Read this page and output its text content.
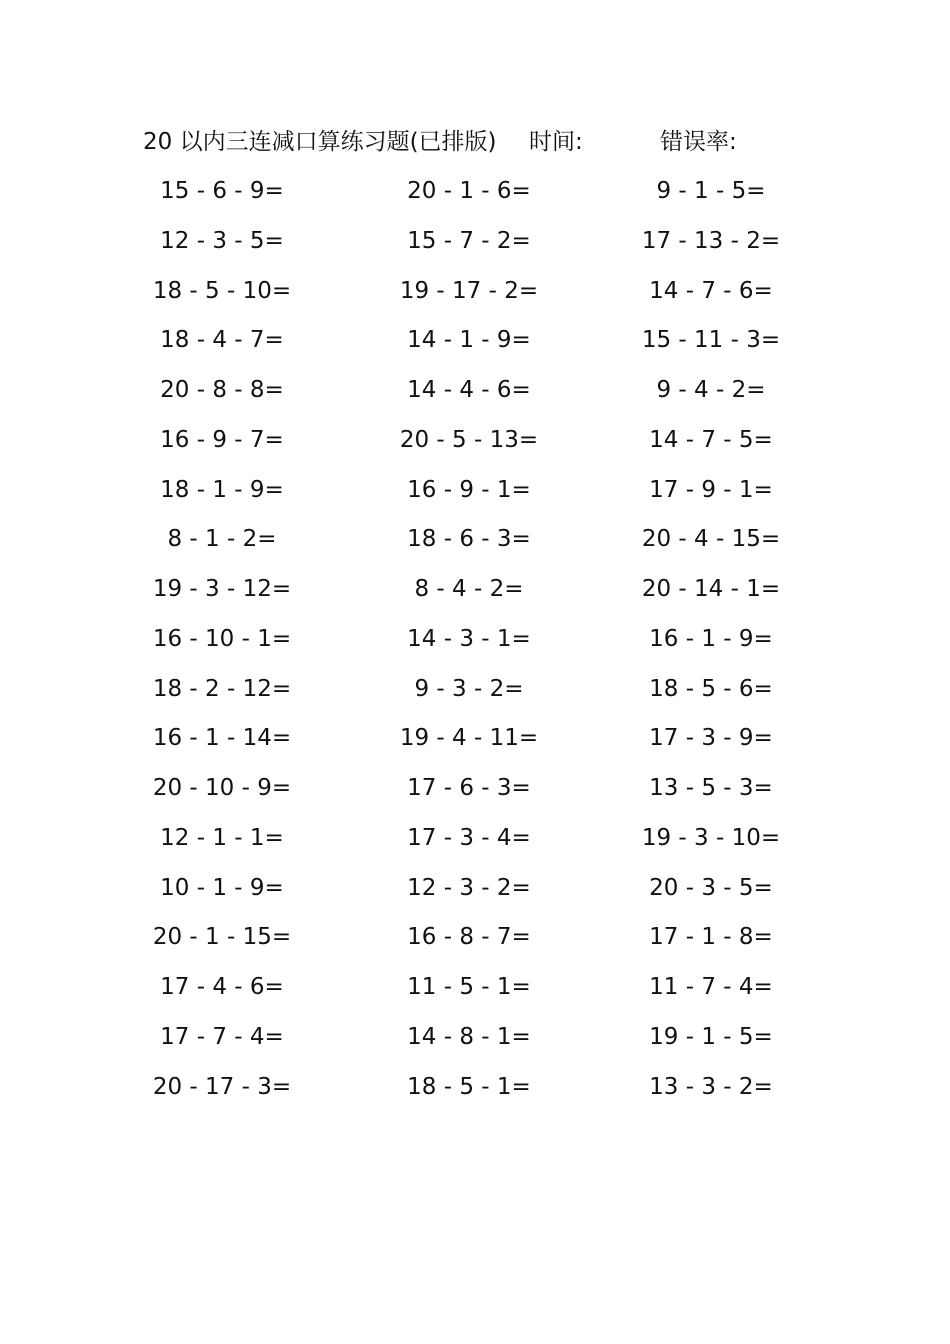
20 以内三连减口算练习题(已排版) 时间:	错误率:
15 - 6 - 9=
12 - 3 - 5=
18 - 5 - 10=
18 - 4 - 7=
20 - 8 - 8=
16 - 9 - 7=
18 - 1 - 9=
8 - 1 - 2=
19 - 3 - 12=
16 - 10 - 1=
18 - 2 - 12=
16 - 1 - 14=
20 - 10 - 9=
12 - 1 - 1=
10 - 1 - 9=
20 - 1 - 15=
17 - 4 - 6=
17 - 7 - 4=
20 - 17 - 3=
20 - 1 - 6=
15 - 7 - 2=
19 - 17 - 2=
14 - 1 - 9=
14 - 4 - 6=
20 - 5 - 13=
16 - 9 - 1=
18 - 6 - 3=
8 - 4 - 2=
14 - 3 - 1=
9 - 3 - 2=
19 - 4 - 11=
17 - 6 - 3=
17 - 3 - 4=
12 - 3 - 2=
16 - 8 - 7=
11 - 5 - 1=
14 - 8 - 1=
18 - 5 - 1=
9 - 1 - 5=
17 - 13 - 2=
14 - 7 - 6=
15 - 11 - 3=
9 - 4 - 2=
14 - 7 - 5=
17 - 9 - 1=
20 - 4 - 15=
20 - 14 - 1=
16 - 1 - 9=
18 - 5 - 6=
17 - 3 - 9=
13 - 5 - 3=
19 - 3 - 10=
20 - 3 - 5=
17 - 1 - 8=
11 - 7 - 4=
19 - 1 - 5=
13 - 3 - 2=
